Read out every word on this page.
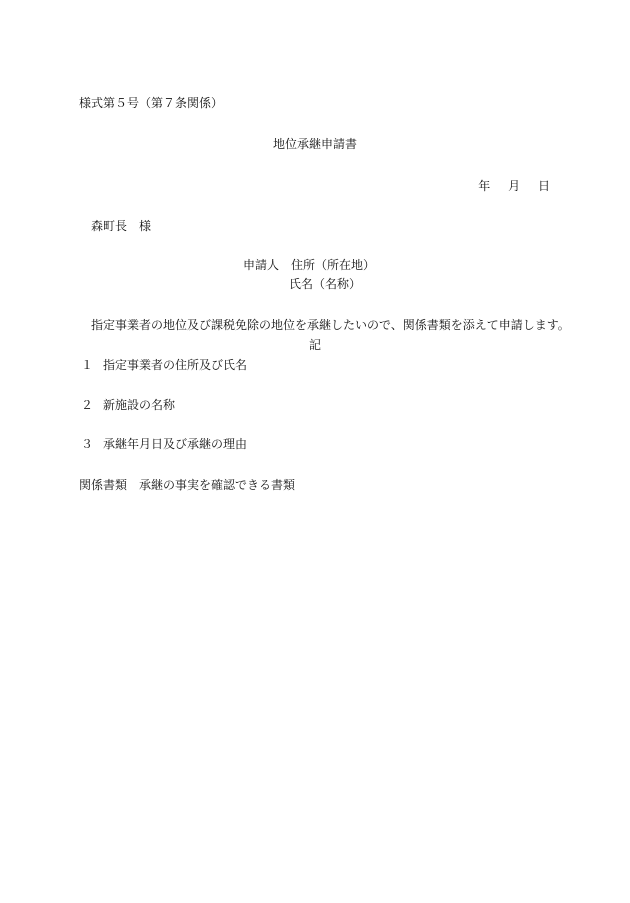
様式第５号（第７条関係）
地位承継申請書
年 月 日
森町長 様
申請人 住所（所在地）
氏名（名称）
指定事業者の地位及び課税免除の地位を承継したいので、関係書類を添えて申請します。
記
１ 指定事業者の住所及び氏名
２ 新施設の名称
３ 承継年月日及び承継の理由
関係書類 承継の事実を確認できる書類
